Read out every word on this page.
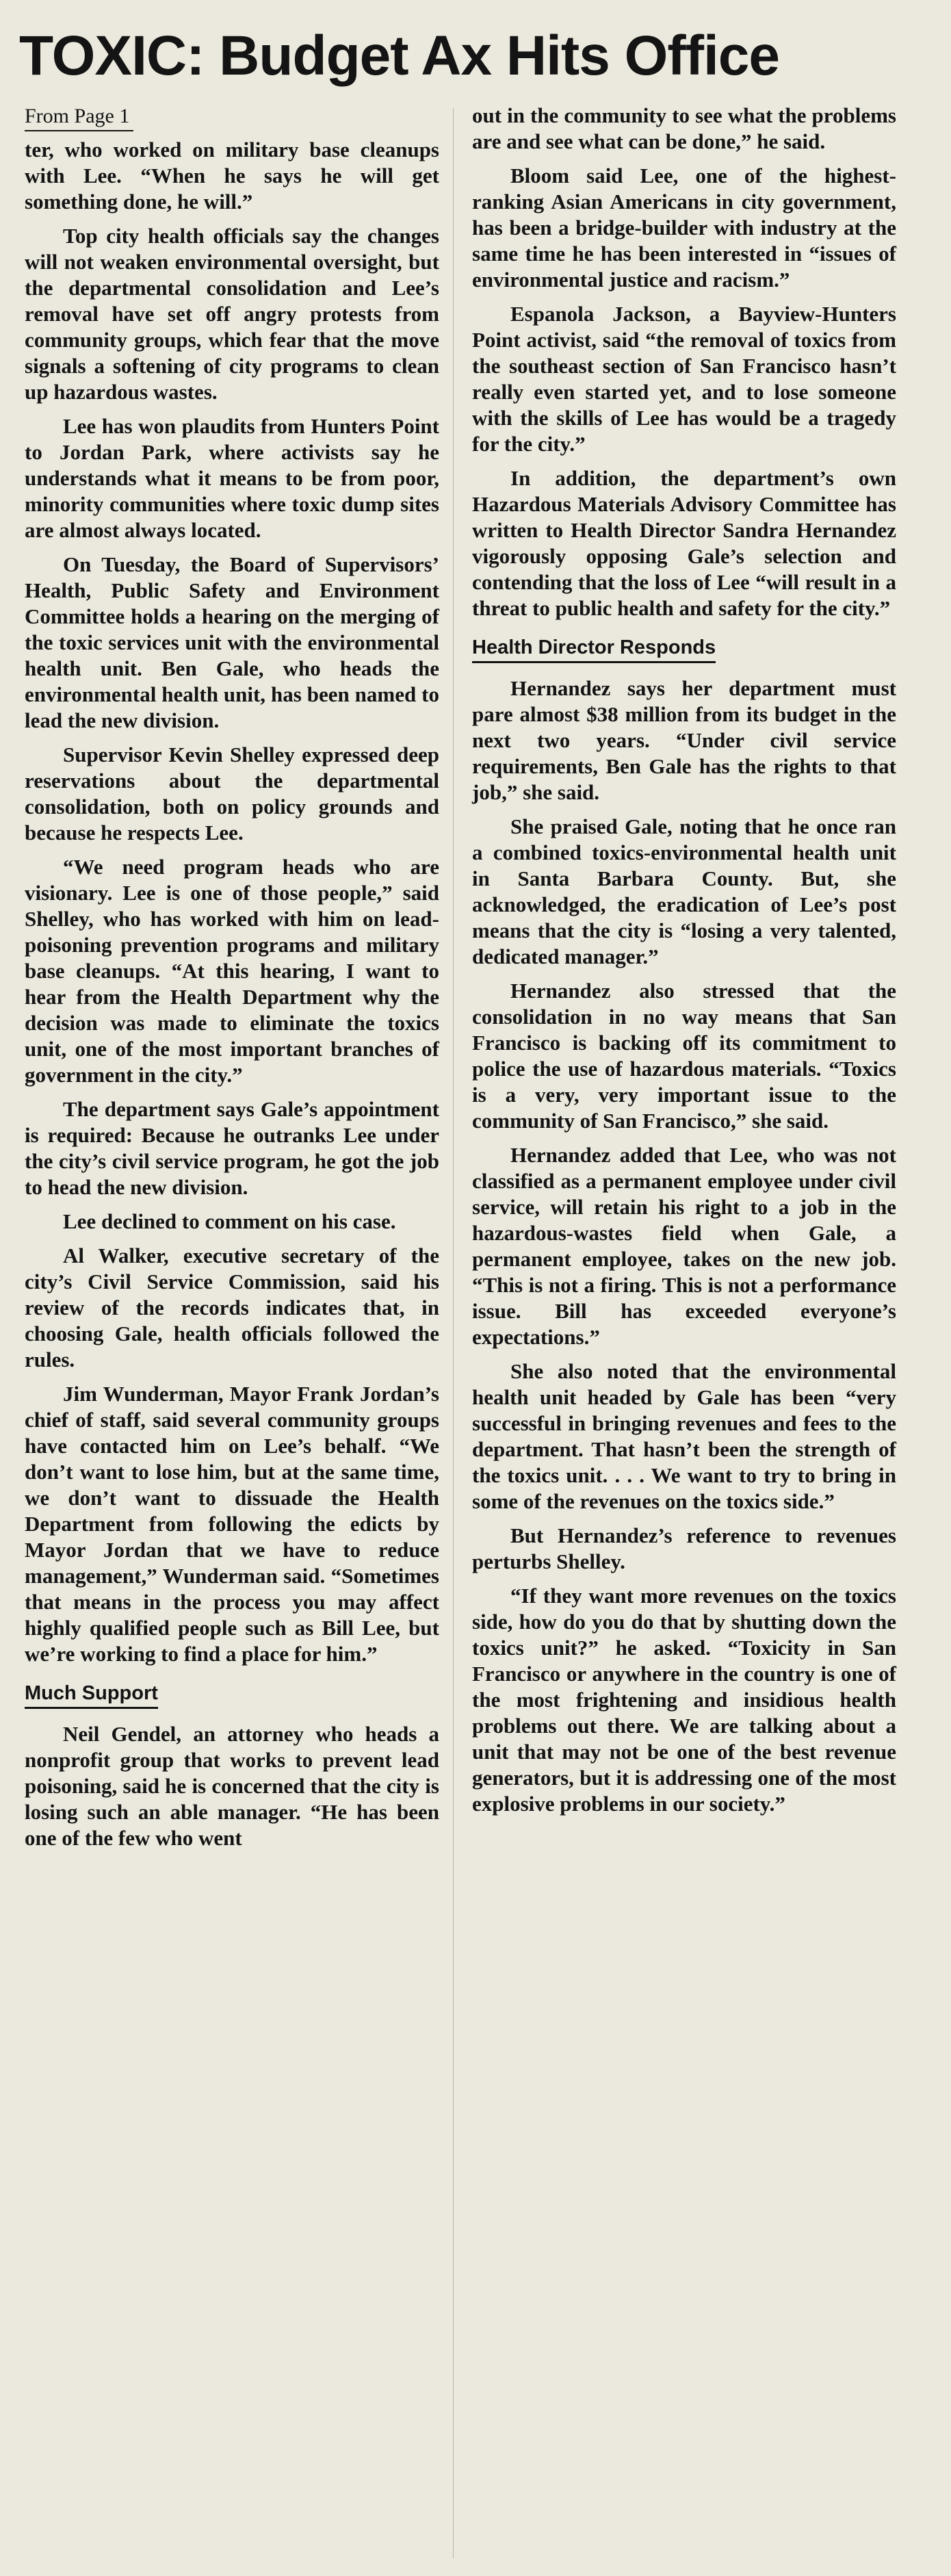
TOXIC: Budget Ax Hits Office
From Page 1

ter, who worked on military base cleanups with Lee. “When he says he will get something done, he will.”

Top city health officials say the changes will not weaken environmental oversight, but the departmental consolidation and Lee’s removal have set off angry protests from community groups, which fear that the move signals a softening of city programs to clean up hazardous wastes.

Lee has won plaudits from Hunters Point to Jordan Park, where activists say he understands what it means to be from poor, minority communities where toxic dump sites are almost always located.

On Tuesday, the Board of Supervisors’ Health, Public Safety and Environment Committee holds a hearing on the merging of the toxic services unit with the environmental health unit. Ben Gale, who heads the environmental health unit, has been named to lead the new division.

Supervisor Kevin Shelley expressed deep reservations about the departmental consolidation, both on policy grounds and because he respects Lee.

“We need program heads who are visionary. Lee is one of those people,” said Shelley, who has worked with him on lead-poisoning prevention programs and military base cleanups. “At this hearing, I want to hear from the Health Department why the decision was made to eliminate the toxics unit, one of the most important branches of government in the city.”

The department says Gale’s appointment is required: Because he outranks Lee under the city’s civil service program, he got the job to head the new division.

Lee declined to comment on his case.

Al Walker, executive secretary of the city’s Civil Service Commission, said his review of the records indicates that, in choosing Gale, health officials followed the rules.

Jim Wunderman, Mayor Frank Jordan’s chief of staff, said several community groups have contacted him on Lee’s behalf. “We don’t want to lose him, but at the same time, we don’t want to dissuade the Health Department from following the edicts by Mayor Jordan that we have to reduce management,” Wunderman said. “Sometimes that means in the process you may affect highly qualified people such as Bill Lee, but we’re working to find a place for him.”

Much Support

Neil Gendel, an attorney who heads a nonprofit group that works to prevent lead poisoning, said he is concerned that the city is losing such an able manager. “He has been one of the few who went

out in the community to see what the problems are and see what can be done,” he said.

Bloom said Lee, one of the highest-ranking Asian Americans in city government, has been a bridge-builder with industry at the same time he has been interested in “issues of environmental justice and racism.”

Espanola Jackson, a Bayview-Hunters Point activist, said “the removal of toxics from the southeast section of San Francisco hasn’t really even started yet, and to lose someone with the skills of Lee has would be a tragedy for the city.”

In addition, the department’s own Hazardous Materials Advisory Committee has written to Health Director Sandra Hernandez vigorously opposing Gale’s selection and contending that the loss of Lee “will result in a threat to public health and safety for the city.”

Health Director Responds

Hernandez says her department must pare almost $38 million from its budget in the next two years. “Under civil service requirements, Ben Gale has the rights to that job,” she said.

She praised Gale, noting that he once ran a combined toxics-environmental health unit in Santa Barbara County. But, she acknowledged, the eradication of Lee’s post means that the city is “losing a very talented, dedicated manager.”

Hernandez also stressed that the consolidation in no way means that San Francisco is backing off its commitment to police the use of hazardous materials. “Toxics is a very, very important issue to the community of San Francisco,” she said.

Hernandez added that Lee, who was not classified as a permanent employee under civil service, will retain his right to a job in the hazardous-wastes field when Gale, a permanent employee, takes on the new job. “This is not a firing. This is not a performance issue. Bill has exceeded everyone’s expectations.”

She also noted that the environmental health unit headed by Gale has been “very successful in bringing revenues and fees to the department. That hasn’t been the strength of the toxics unit. . . . We want to try to bring in some of the revenues on the toxics side.”

But Hernandez’s reference to revenues perturbs Shelley.

“If they want more revenues on the toxics side, how do you do that by shutting down the toxics unit?” he asked. “Toxicity in San Francisco or anywhere in the country is one of the most frightening and insidious health problems out there. We are talking about a unit that may not be one of the best revenue generators, but it is addressing one of the most explosive problems in our society.”
